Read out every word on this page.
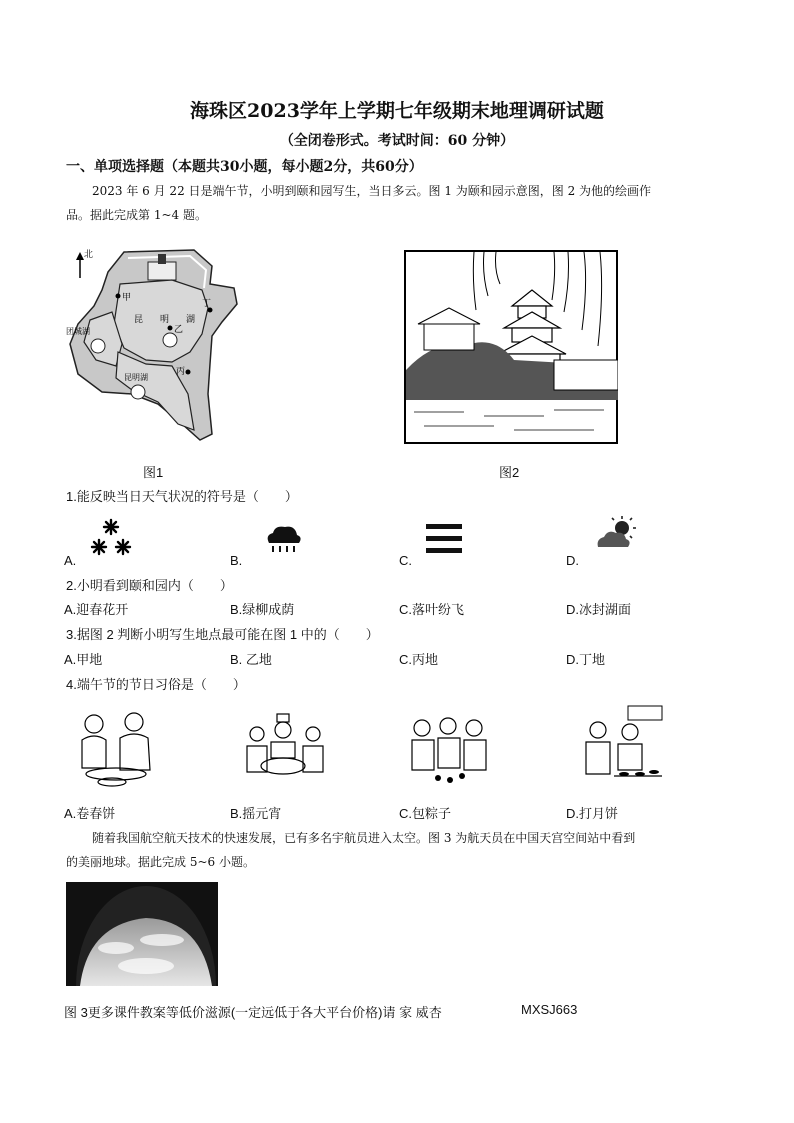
海珠区2023学年上学期七年级期末地理调研试题
（全闭卷形式。考试时间：60 分钟）
一、单项选择题（本题共30小题，每小题2分，共60分）
2023 年 6 月 22 日是端午节，小明到颐和园写生，当日多云。图 1 为颐和园示意图，图 2 为他的绘画作
品。据此完成第 1~4 题。
北
甲
丁
乙
丙
昆 明 湖
团城湖
昆明湖
图1	图2
1.能反映当日天气状况的符号是（　　）
A.	B.	C.	D.
2.小明看到颐和园内（　　）
A.迎春花开	B.绿柳成荫	C.落叶纷飞	D.冰封湖面
3.据图 2 判断小明写生地点最可能在图 1 中的（　　）
A.甲地	B. 乙地	C.丙地	D.丁地
4.端午节的节日习俗是（　　）
A.卷春饼	B.摇元宵	C.包粽子	D.打月饼
随着我国航空航天技术的快速发展，已有多名宇航员进入太空。图 3 为航天员在中国天宫空间站中看到
的美丽地球。据此完成 5~6 小题。
图 3更多课件教案等低价滋源(一定远低于各大平台价格)请 家 威杏	MXSJ663
